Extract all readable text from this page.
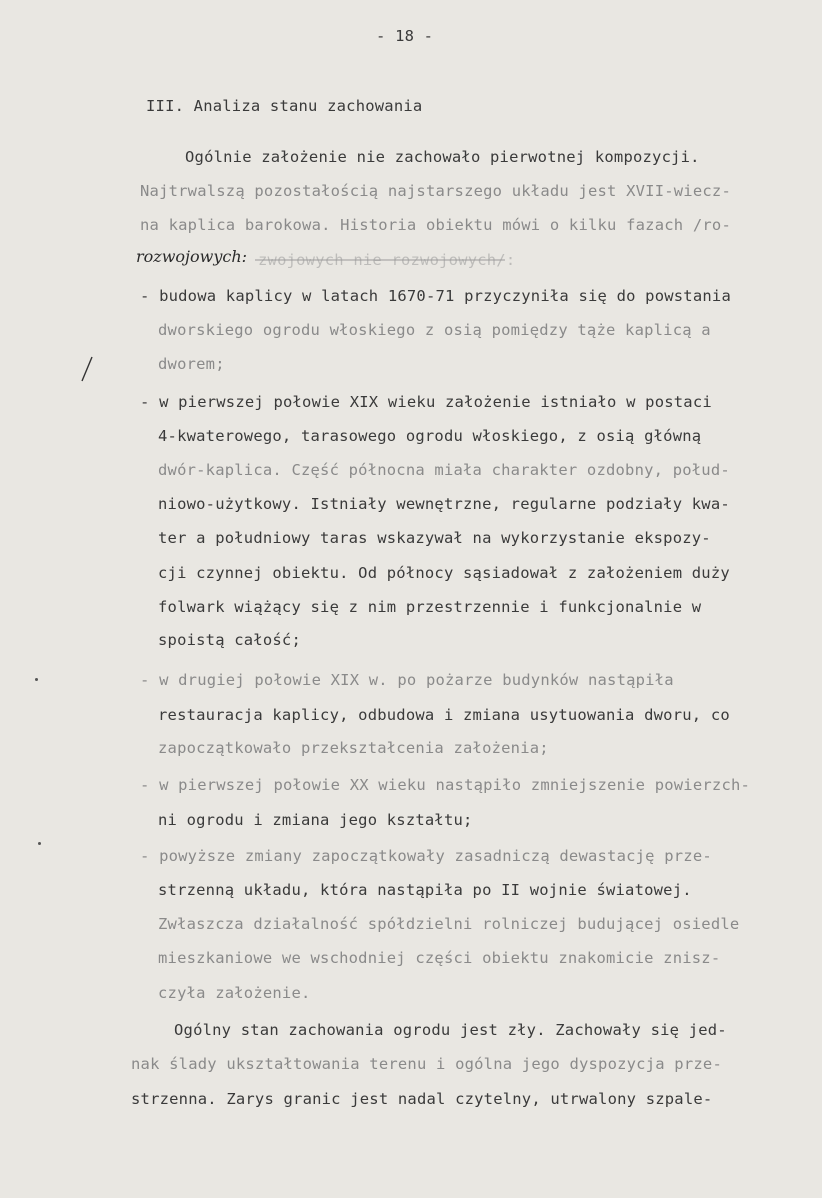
- 18 -
III. Analiza stanu zachowania
Ogólnie założenie nie zachowało pierwotnej kompozycji.
Najtrwalszą pozostałością najstarszego układu jest XVII-wiecz-
na kaplica barokowa. Historia obiektu mówi o kilku fazach /ro-
rozwojowych: zwojowych nie rozwojowych/:
- budowa kaplicy w latach 1670-71 przyczyniła się do powstania
dworskiego ogrodu włoskiego z osią pomiędzy tąże kaplicą a
dworem;
- w pierwszej połowie XIX wieku założenie istniało w postaci
4-kwaterowego, tarasowego ogrodu włoskiego, z osią główną
dwór-kaplica. Część północna miała charakter ozdobny, połud-
niowo-użytkowy. Istniały wewnętrzne, regularne podziały kwa-
ter a południowy taras wskazywał na wykorzystanie ekspozy-
cji czynnej obiektu. Od północy sąsiadował z założeniem duży
folwark wiążący się z nim przestrzennie i funkcjonalnie w
spoistą całość;
- w drugiej połowie XIX w. po pożarze budynków nastąpiła
restauracja kaplicy, odbudowa i zmiana usytuowania dworu, co
zapoczątkowało przekształcenia założenia;
- w pierwszej połowie XX wieku nastąpiło zmniejszenie powierzch-
ni ogrodu i zmiana jego kształtu;
- powyższe zmiany zapoczątkowały zasadniczą dewastację prze-
strzenną układu, która nastąpiła po II wojnie światowej.
Zwłaszcza działalność spółdzielni rolniczej budującej osiedle
mieszkaniowe we wschodniej części obiektu znakomicie znisz-
czyła założenie.
Ogólny stan zachowania ogrodu jest zły. Zachowały się jed-
nak ślady ukształtowania terenu i ogólna jego dyspozycja prze-
strzenna. Zarys granic jest nadal czytelny, utrwalony szpale-
